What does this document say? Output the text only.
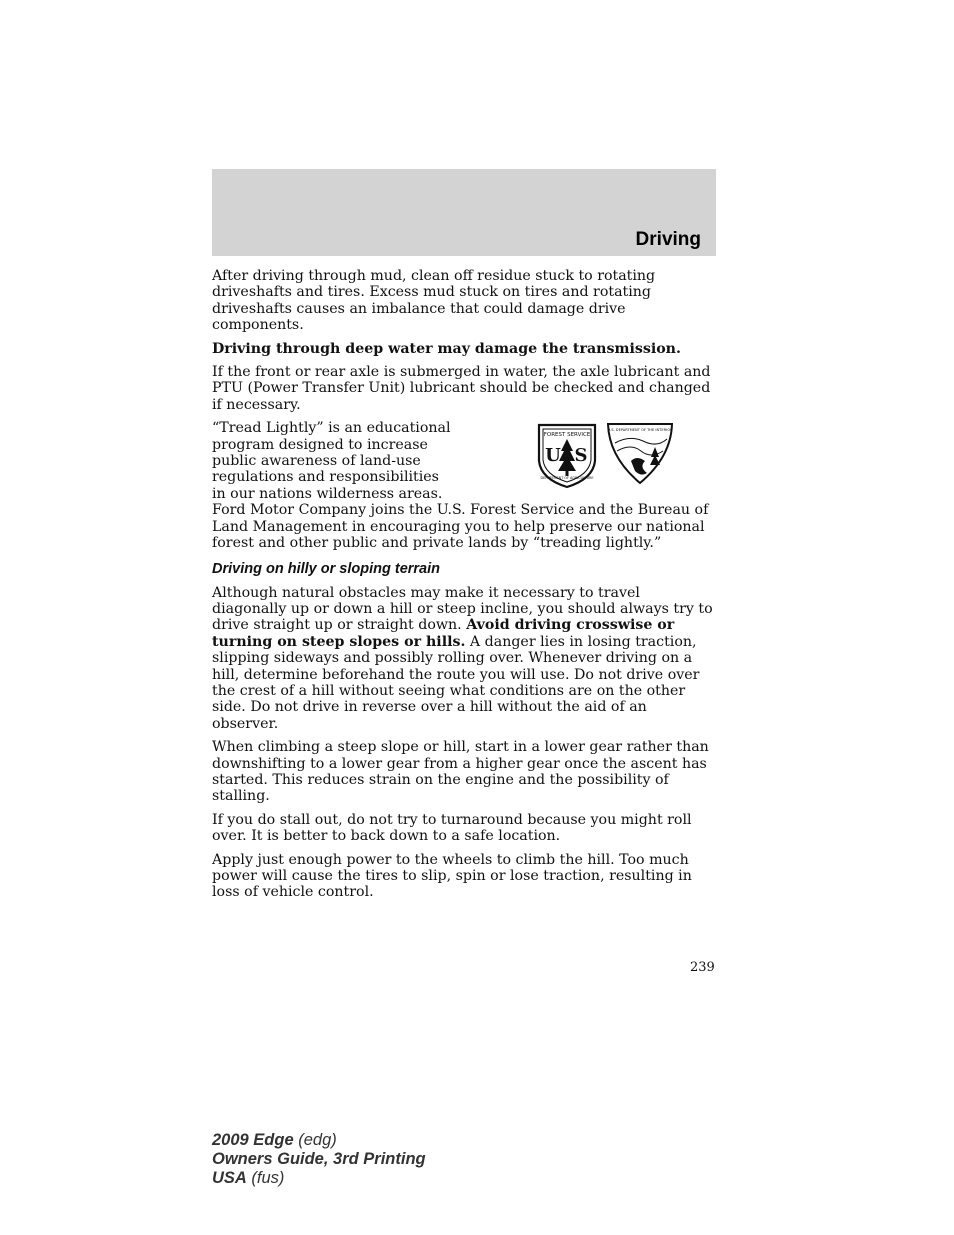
Driving

After driving through mud, clean off residue stuck to rotating driveshafts and tires. Excess mud stuck on tires and rotating driveshafts causes an imbalance that could damage drive components.

Driving through deep water may damage the transmission.

If the front or rear axle is submerged in water, the axle lubricant and PTU (Power Transfer Unit) lubricant should be checked and changed if necessary.

FOREST SERVICE
U S
DEPARTMENT OF AGRICULTURE
U.S. DEPARTMENT OF THE INTERIOR

“Tread Lightly” is an educational program designed to increase public awareness of land-use regulations and responsibilities in our nations wilderness areas. Ford Motor Company joins the U.S. Forest Service and the Bureau of Land Management in encouraging you to help preserve our national forest and other public and private lands by “treading lightly.”

Driving on hilly or sloping terrain

Although natural obstacles may make it necessary to travel diagonally up or down a hill or steep incline, you should always try to drive straight up or straight down. Avoid driving crosswise or turning on steep slopes or hills. A danger lies in losing traction, slipping sideways and possibly rolling over. Whenever driving on a hill, determine beforehand the route you will use. Do not drive over the crest of a hill without seeing what conditions are on the other side. Do not drive in reverse over a hill without the aid of an observer.

When climbing a steep slope or hill, start in a lower gear rather than downshifting to a lower gear from a higher gear once the ascent has started. This reduces strain on the engine and the possibility of stalling.

If you do stall out, do not try to turnaround because you might roll over. It is better to back down to a safe location.

Apply just enough power to the wheels to climb the hill. Too much power will cause the tires to slip, spin or lose traction, resulting in loss of vehicle control.

239
2009 Edge (edg)
Owners Guide, 3rd Printing
USA (fus)
